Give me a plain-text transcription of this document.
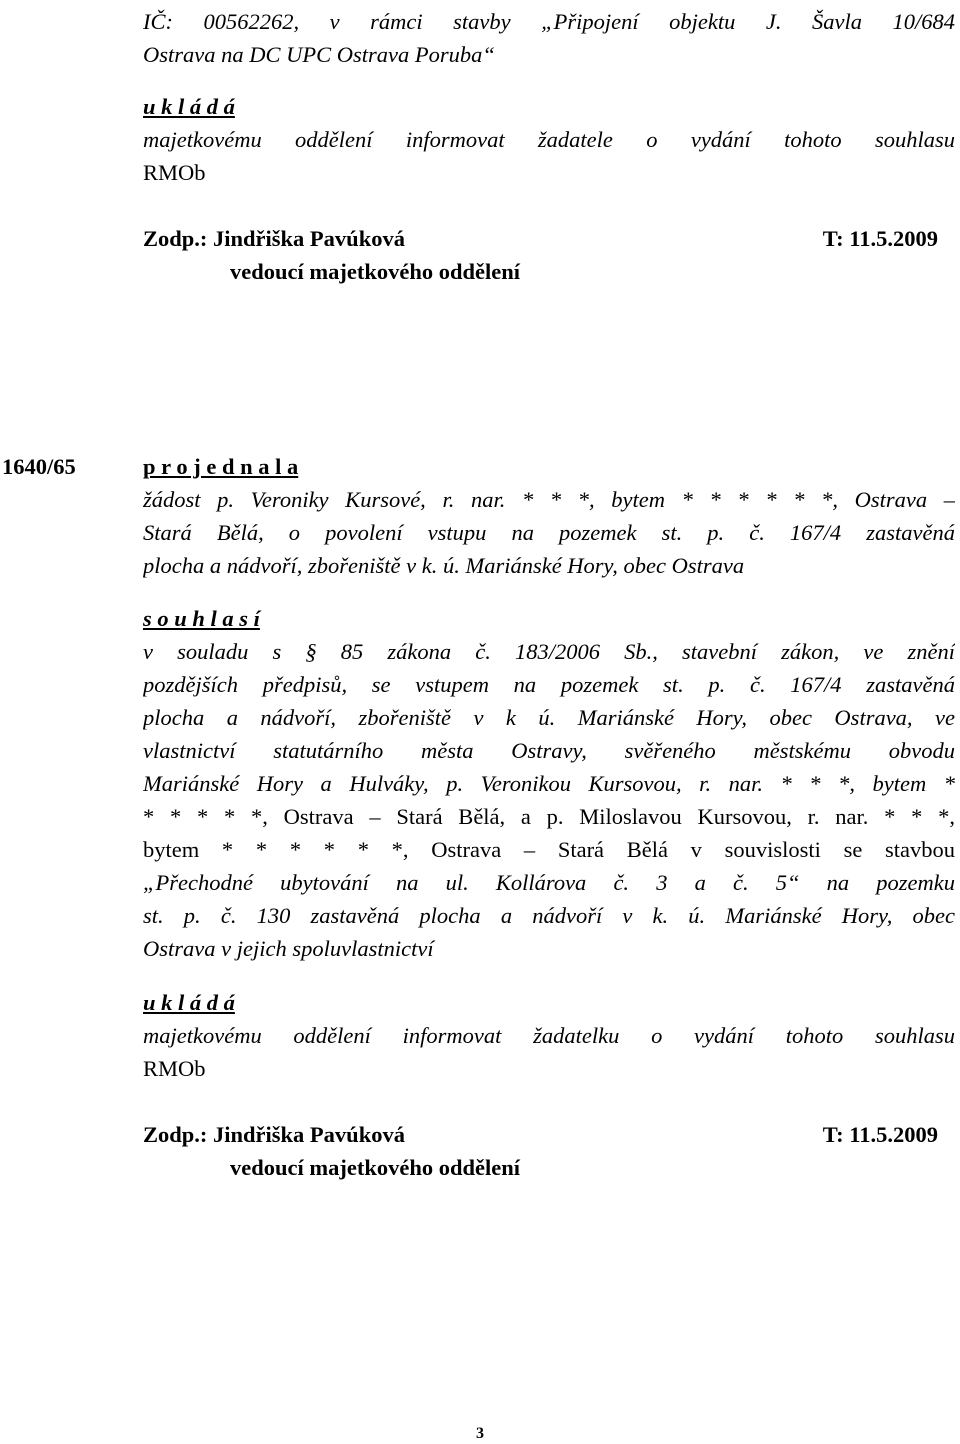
IČ: 00562262, v rámci stavby „Připojení objektu J. Šavla 10/684
Ostrava na DC UPC Ostrava Poruba“
u k l á d á
majetkovému oddělení informovat žadatele o vydání tohoto souhlasu
RMOb
Zodp.: Jindřiška Pavúková	T: 11.5.2009
vedoucí majetkového oddělení
1640/65	p r o j e d n a l a
žádost p. Veroniky Kursové, r. nar. * * *, bytem * * * * * *, Ostrava –
Stará Bělá, o povolení vstupu na pozemek st. p. č. 167/4 zastavěná
plocha a nádvoří, zbořeniště v k. ú. Mariánské Hory, obec Ostrava
s o u h l a s í
v souladu s § 85 zákona č. 183/2006 Sb., stavební zákon, ve znění
pozdějších předpisů, se vstupem na pozemek st. p. č. 167/4 zastavěná
plocha a nádvoří, zbořeniště v k ú. Mariánské Hory, obec Ostrava, ve
vlastnictví statutárního města Ostravy, svěřeného městskému obvodu
Mariánské Hory a Hulváky, p. Veronikou Kursovou, r. nar. * * *, bytem *
* * * * *, Ostrava – Stará Bělá, a p. Miloslavou Kursovou, r. nar. * * *,
bytem * * * * * *, Ostrava – Stará Bělá v souvislosti se stavbou
„Přechodné ubytování na ul. Kollárova č. 3 a č. 5“ na pozemku
st. p. č. 130 zastavěná plocha a nádvoří v k. ú. Mariánské Hory, obec
Ostrava v jejich spoluvlastnictví
u k l á d á
majetkovému oddělení informovat žadatelku o vydání tohoto souhlasu
RMOb
Zodp.: Jindřiška Pavúková	T: 11.5.2009
vedoucí majetkového oddělení
3
